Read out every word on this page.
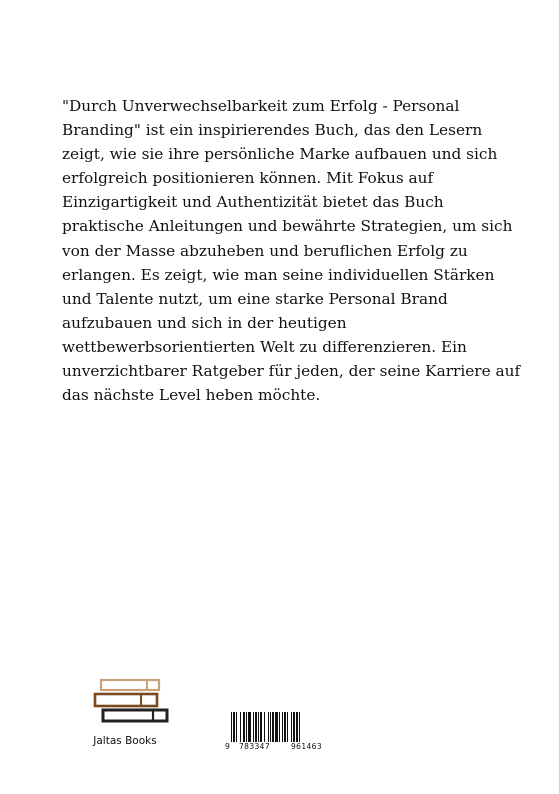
"Durch Unverwechselbarkeit zum Erfolg - Personal
Branding" ist ein inspirierendes Buch, das den Lesern
zeigt, wie sie ihre persönliche Marke aufbauen und sich
erfolgreich positionieren können. Mit Fokus auf
Einzigartigkeit und Authentizität bietet das Buch
praktische Anleitungen und bewährte Strategien, um sich
von der Masse abzuheben und beruflichen Erfolg zu
erlangen. Es zeigt, wie man seine individuellen Stärken
und Talente nutzt, um eine starke Personal Brand
aufzubauen und sich in der heutigen
wettbewerbsorientierten Welt zu differenzieren. Ein
unverzichtbarer Ratgeber für jeden, der seine Karriere auf
das nächste Level heben möchte.

Jaltas Books	9 783347	961463
